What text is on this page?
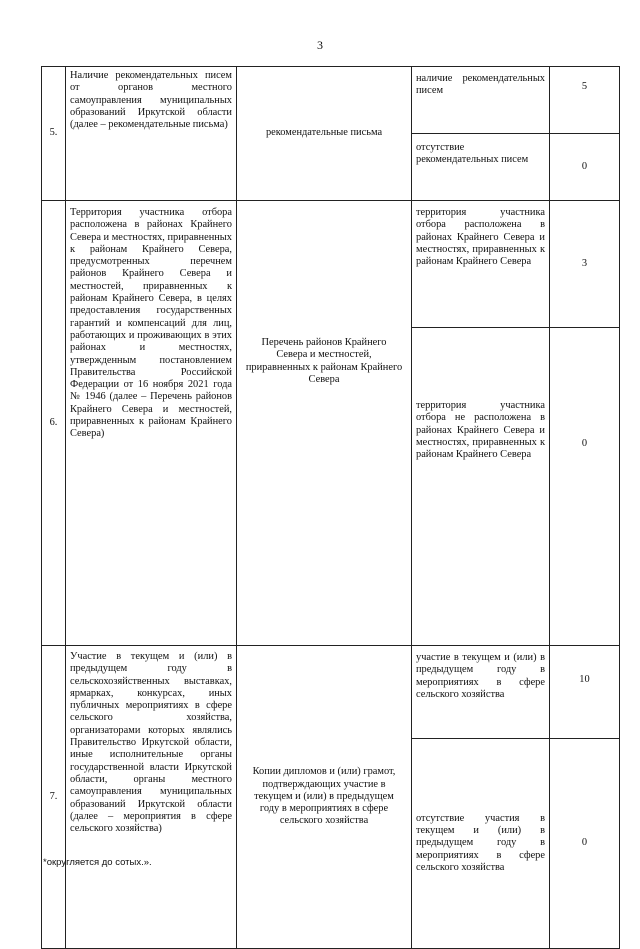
3
5.	Наличие рекомендательных писем от органов местного самоуправления муниципальных образований Иркутской области (далее – рекомендательные письма)	рекомендательные письма	наличие рекомендательных писем	5
			отсутствие рекомендательных писем	0
6.	Территория участника отбора расположена в районах Крайнего Севера и местностях, приравненных к районам Крайнего Севера, предусмотренных перечнем районов Крайнего Севера и местностей, приравненных к районам Крайнего Севера, в целях предоставления государственных гарантий и компенсаций для лиц, работающих и проживающих в этих районах и местностях, утвержденным постановлением Правительства Российской Федерации от 16 ноября 2021 года № 1946 (далее – Перечень районов Крайнего Севера и местностей, приравненных к районам Крайнего Севера)	Перечень районов Крайнего Севера и местностей, приравненных к районам Крайнего Севера	территория участника отбора расположена в районах Крайнего Севера и местностях, приравненных к районам Крайнего Севера	3
			территория участника отбора не расположена в районах Крайнего Севера и местностях, приравненных к районам Крайнего Севера	0
7.	Участие в текущем и (или) в предыдущем году в сельскохозяйственных выставках, ярмарках, конкурсах, иных публичных мероприятиях в сфере сельского хозяйства, организаторами которых являлись Правительство Иркутской области, иные исполнительные органы государственной власти Иркутской области, органы местного самоуправления муниципальных образований Иркутской области (далее – мероприятия в сфере сельского хозяйства)	Копии дипломов и (или) грамот, подтверждающих участие в текущем и (или) в предыдущем году в мероприятиях в сфере сельского хозяйства	участие в текущем и (или) в предыдущем году в мероприятиях в сфере сельского хозяйства	10
			отсутствие участия в текущем и (или) в предыдущем году в мероприятиях в сфере сельского хозяйства	0
*округляется до сотых.».
